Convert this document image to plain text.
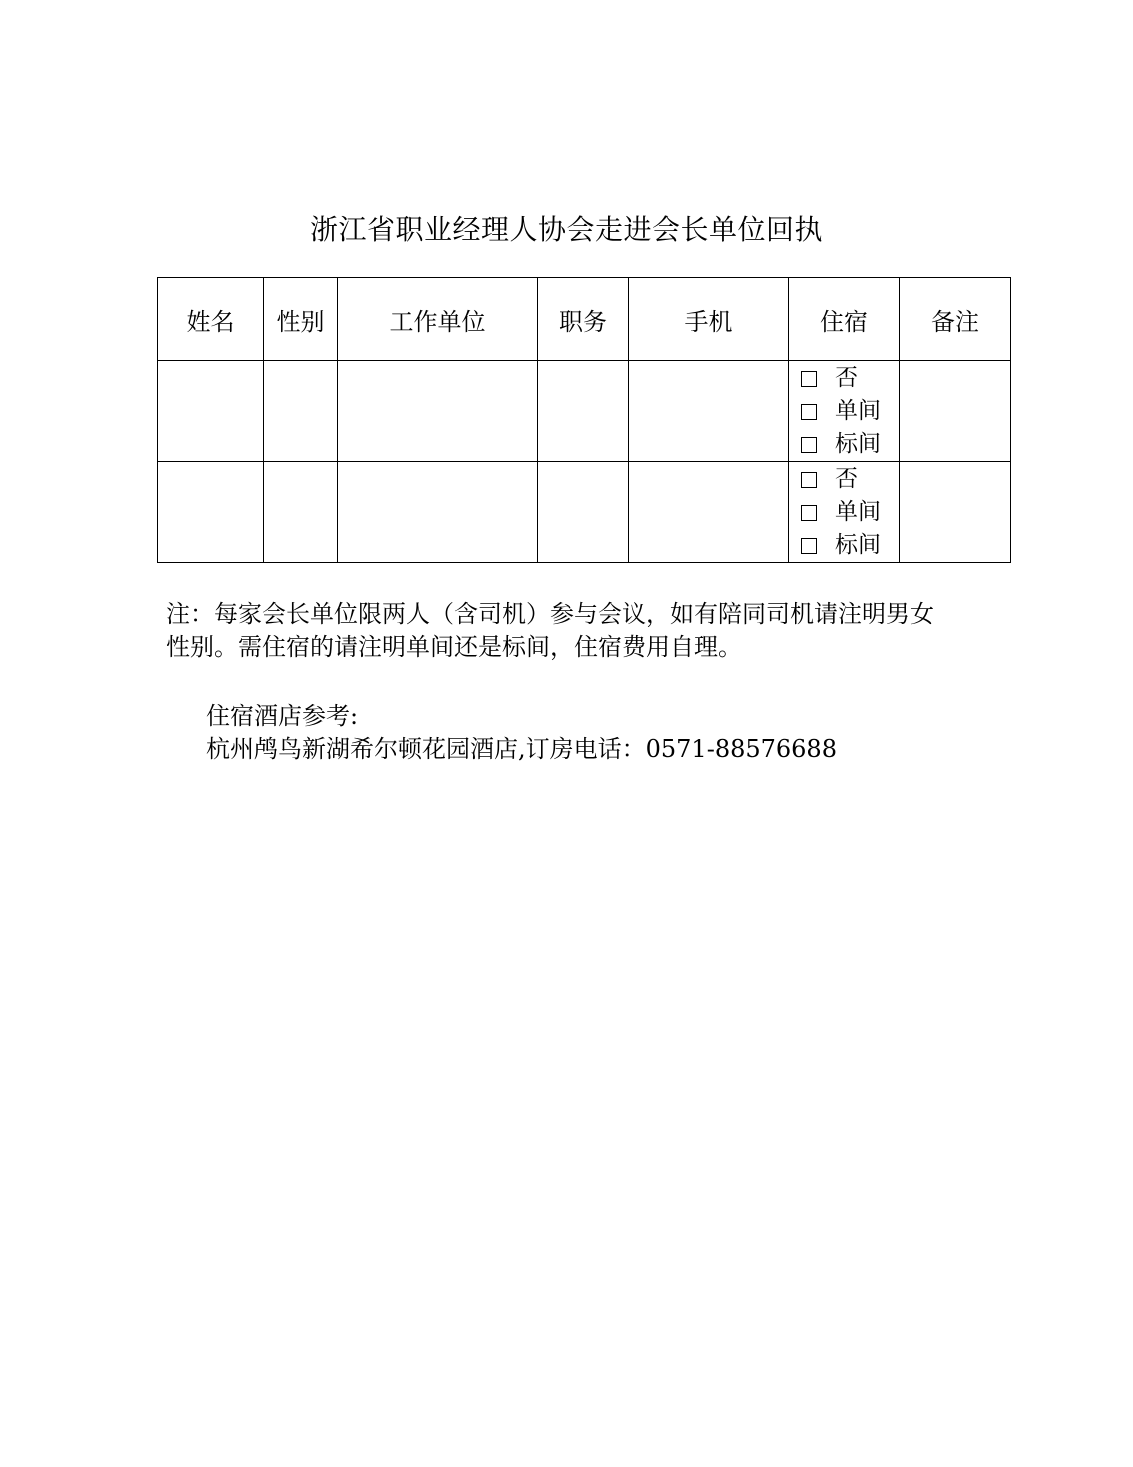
浙江省职业经理人协会走进会长单位回执
姓名	性别	工作单位	职务	手机	住宿	备注

					否
单间
标间	

					否
单间
标间	

注：每家会长单位限两人（含司机）参与会议，如有陪同司机请注明男女
性别。需住宿的请注明单间还是标间，住宿费用自理。
住宿酒店参考:
杭州鸬鸟新湖希尔顿花园酒店,订房电话：0571-88576688
